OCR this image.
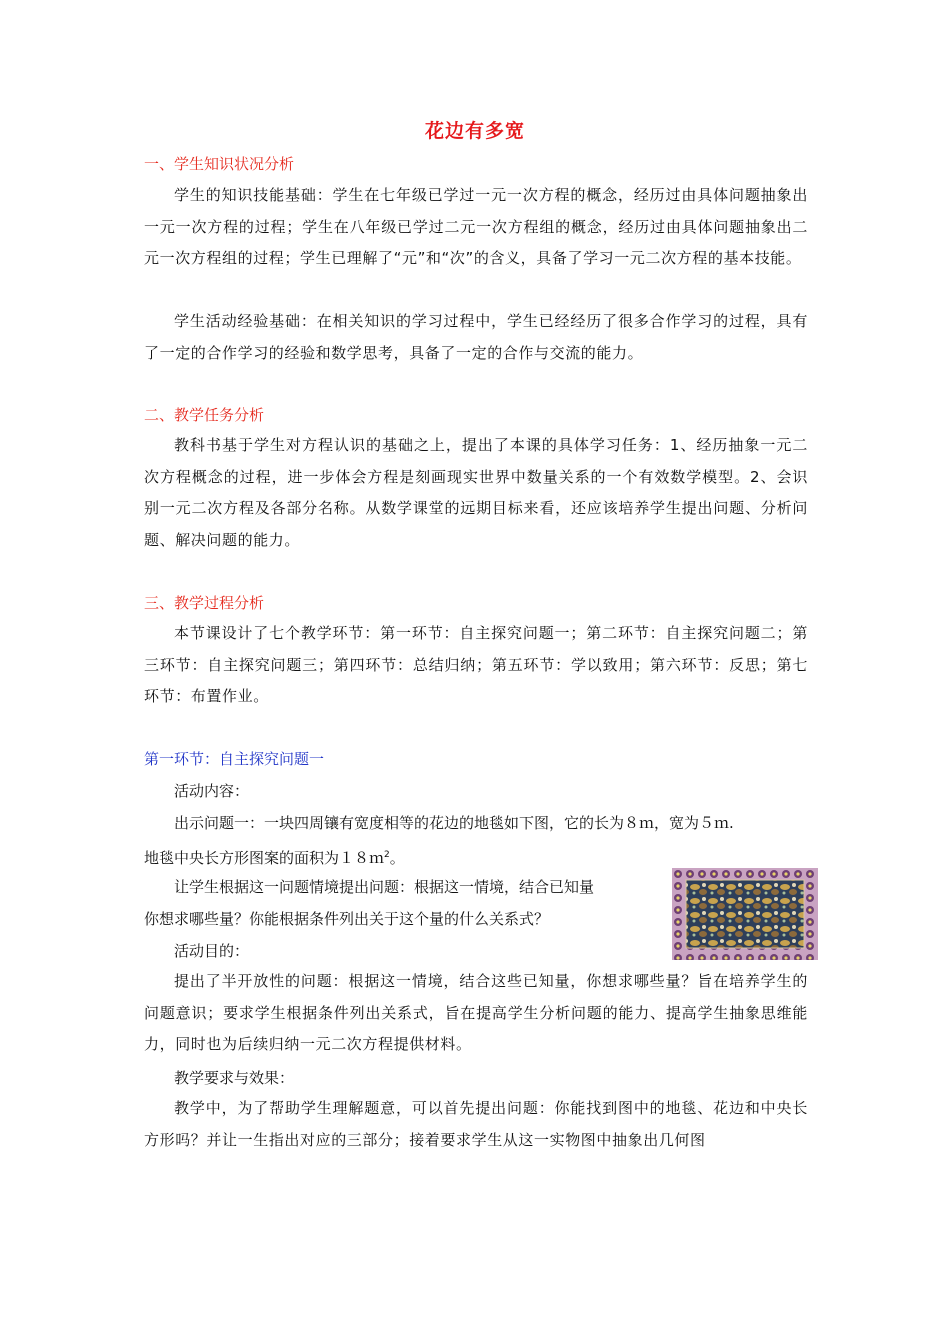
花边有多宽
一、学生知识状况分析

学生的知识技能基础：学生在七年级已学过一元一次方程的概念，经历过由具体问题抽象出一元一次方程的过程；学生在八年级已学过二元一次方程组的概念，经历过由具体问题抽象出二元一次方程组的过程；学生已理解了“元”和“次”的含义，具备了学习一元二次方程的基本技能。

学生活动经验基础：在相关知识的学习过程中，学生已经经历了很多合作学习的过程，具有了一定的合作学习的经验和数学思考，具备了一定的合作与交流的能力。

二、教学任务分析

教科书基于学生对方程认识的基础之上，提出了本课的具体学习任务：1、经历抽象一元二次方程概念的过程，进一步体会方程是刻画现实世界中数量关系的一个有效数学模型。2、会识别一元二次方程及各部分名称。从数学课堂的远期目标来看，还应该培养学生提出问题、分析问题、解决问题的能力。

三、教学过程分析

本节课设计了七个教学环节：第一环节：自主探究问题一；第二环节：自主探究问题二；第三环节：自主探究问题三；第四环节：总结归纳；第五环节：学以致用；第六环节：反思；第七环节：布置作业。

第一环节：自主探究问题一
活动内容：
出示问题一：一块四周镶有宽度相等的花边的地毯如下图，它的长为８ｍ，宽为５ｍ.
地毯中央长方形图案的面积为１８ｍ$^2$。
让学生根据这一问题情境提出问题：根据这一情境，结合已知量
你想求哪些量？你能根据条件列出关于这个量的什么关系式？
活动目的：

提出了半开放性的问题：根据这一情境，结合这些已知量，你想求哪些量？旨在培养学生的问题意识；要求学生根据条件列出关系式，旨在提高学生分析问题的能力、提高学生抽象思维能力，同时也为后续归纳一元二次方程提供材料。

教学要求与效果：

教学中，为了帮助学生理解题意，可以首先提出问题：你能找到图中的地毯、花边和中央长方形吗？并让一生指出对应的三部分；接着要求学生从这一实物图中抽象出几何图
